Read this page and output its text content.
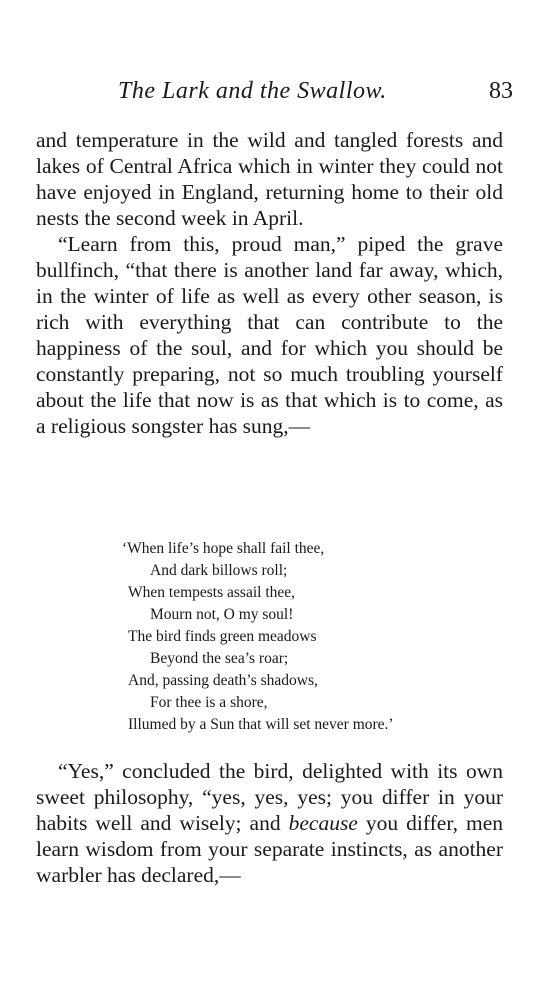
The Lark and the Swallow.	83

and temperature in the wild and tangled forests and lakes of Central Africa which in winter they could not have enjoyed in England, returning home to their old nests the second week in April.

“Learn from this, proud man,” piped the grave bullfinch, “that there is another land far away, which, in the winter of life as well as every other season, is rich with everything that can contribute to the happiness of the soul, and for which you should be constantly preparing, not so much troubling yourself about the life that now is as that which is to come, as a religious songster has sung,—

‘When life’s hope shall fail thee,
And dark billows roll;
When tempests assail thee,
Mourn not, O my soul!
The bird finds green meadows
Beyond the sea’s roar;
And, passing death’s shadows,
For thee is a shore,
Illumed by a Sun that will set never more.’

“Yes,” concluded the bird, delighted with its own sweet philosophy, “yes, yes, yes; you differ in your habits well and wisely; and because you differ, men learn wisdom from your separate instincts, as another warbler has declared,—
